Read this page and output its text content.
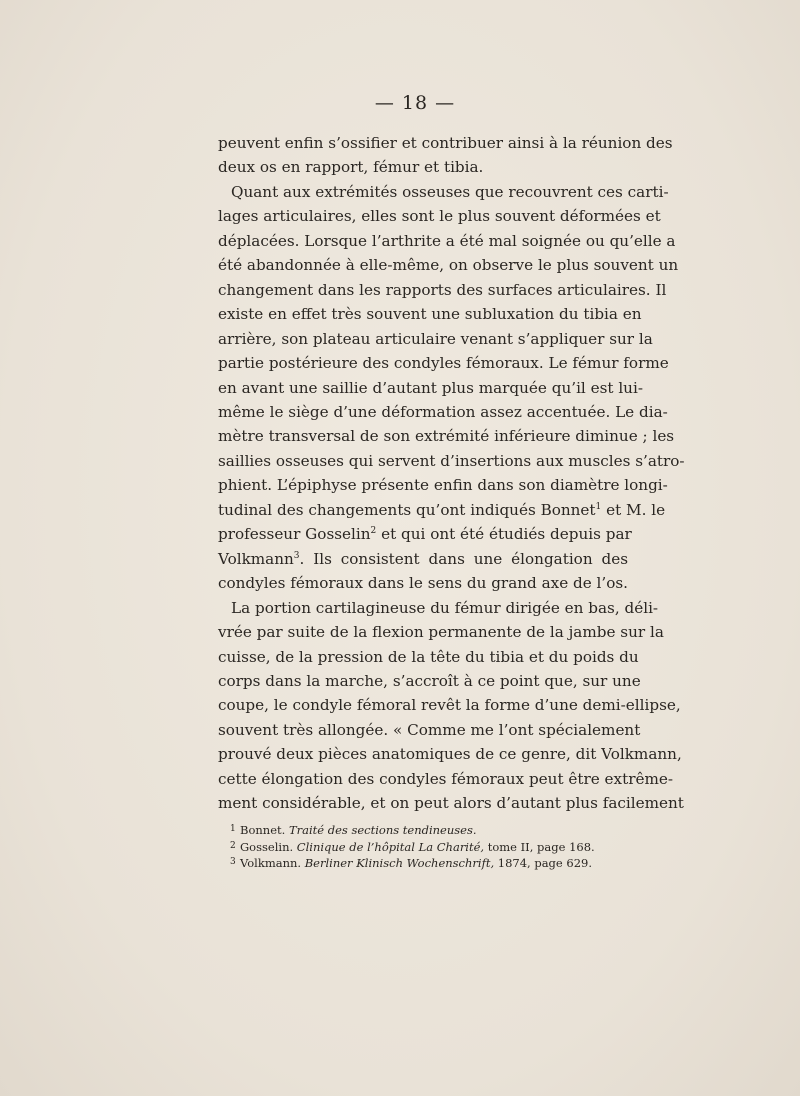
— 18 —
peuvent enfin s’ossifier et contribuer ainsi à la réunion des
deux os en rapport, fémur et tibia.
Quant aux extrémités osseuses que recouvrent ces carti-
lages articulaires, elles sont le plus souvent déformées et
déplacées. Lorsque l’arthrite a été mal soignée ou qu’elle a
été abandonnée à elle-même, on observe le plus souvent un
changement dans les rapports des surfaces articulaires. Il
existe en effet très souvent une subluxation du tibia en
arrière, son plateau articulaire venant s’appliquer sur la
partie postérieure des condyles fémoraux. Le fémur forme
en avant une saillie d’autant plus marquée qu’il est lui-
même le siège d’une déformation assez accentuée. Le dia-
mètre transversal de son extrémité inférieure diminue ; les
saillies osseuses qui servent d’insertions aux muscles s’atro-
phient. L’épiphyse présente enfin dans son diamètre longi-
tudinal des changements qu’ont indiqués Bonnet$^1$ et M. le
professeur Gosselin$^2$ et qui ont été étudiés depuis par
Volkmann$^3$. Ils consistent dans une élongation des
condyles fémoraux dans le sens du grand axe de l’os.
La portion cartilagineuse du fémur dirigée en bas, déli-
vrée par suite de la flexion permanente de la jambe sur la
cuisse, de la pression de la tête du tibia et du poids du
corps dans la marche, s’accroît à ce point que, sur une
coupe, le condyle fémoral revêt la forme d’une demi-ellipse,
souvent très allongée. « Comme me l’ont spécialement
prouvé deux pièces anatomiques de ce genre, dit Volkmann,
cette élongation des condyles fémoraux peut être extrême-
ment considérable, et on peut alors d’autant plus facilement
1 Bonnet. Traité des sections tendineuses.
2 Gosselin. Clinique de l’hôpital La Charité, tome II, page 168.
3 Volkmann. Berliner Klinisch Wochenschrift, 1874, page 629.
